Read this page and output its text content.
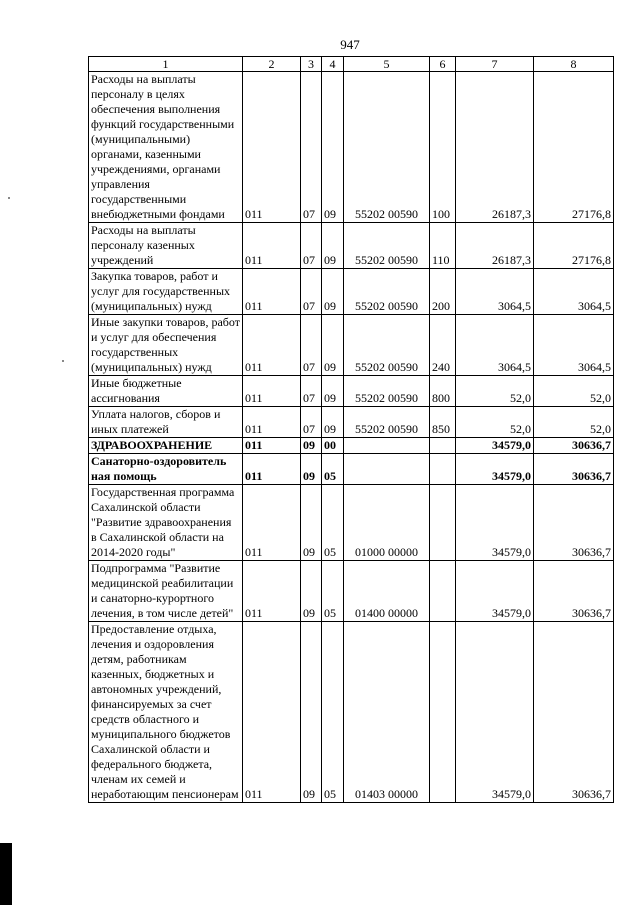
947
1	2	3	4	5	6	7	8
Расходы на выплаты персоналу в целях обеспечения выполнения функций государственными (муниципальными) органами, казенными учреждениями, органами управления государственными внебюджетными фондами	011	07	09	55202 00590	100	26187,3	27176,8
Расходы на выплаты персоналу казенных учреждений	011	07	09	55202 00590	110	26187,3	27176,8
Закупка товаров, работ и услуг для государственных (муниципальных) нужд	011	07	09	55202 00590	200	3064,5	3064,5
Иные закупки товаров, работ и услуг для обеспечения государственных (муниципальных) нужд	011	07	09	55202 00590	240	3064,5	3064,5
Иные бюджетные ассигнования	011	07	09	55202 00590	800	52,0	52,0
Уплата налогов, сборов и иных платежей	011	07	09	55202 00590	850	52,0	52,0
ЗДРАВООХРАНЕНИЕ	011	09	00			34579,0	30636,7
Санаторно-оздоровитель ная помощь	011	09	05			34579,0	30636,7
Государственная программа Сахалинской области "Развитие здравоохранения в Сахалинской области на 2014-2020 годы"	011	09	05	01000 00000		34579,0	30636,7
Подпрограмма "Развитие медицинской реабилитации и санаторно-курортного лечения, в том числе детей"	011	09	05	01400 00000		34579,0	30636,7
Предоставление отдыха, лечения и оздоровления детям, работникам казенных, бюджетных и автономных учреждений, финансируемых за счет средств областного и муниципального бюджетов Сахалинской области и федерального бюджета, членам их семей и неработающим пенсионерам	011	09	05	01403 00000		34579,0	30636,7
